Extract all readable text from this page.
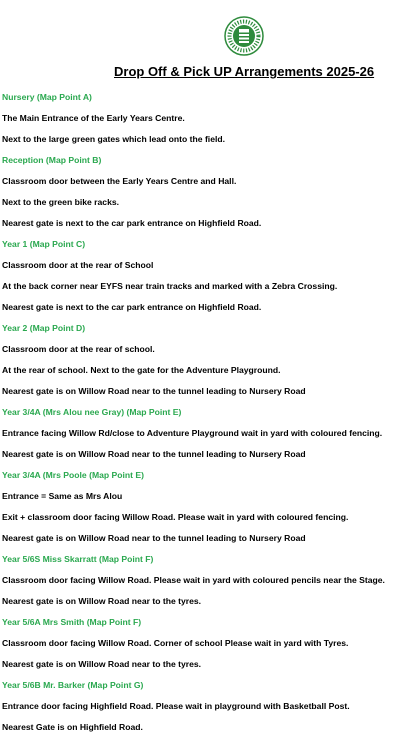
Drop Off & Pick UP Arrangements 2025-26
Nursery (Map Point A)
The Main Entrance of the Early Years Centre.
Next to the large green gates which lead onto the field.
Reception (Map Point B)
Classroom door between the Early Years Centre and Hall.
Next to the green bike racks.
Nearest gate is next to the car park entrance on Highfield Road.
Year 1 (Map Point C)
Classroom door at the rear of School
At the back corner near EYFS near train tracks and marked with a Zebra Crossing.
Nearest gate is next to the car park entrance on Highfield Road.
Year 2 (Map Point D)
Classroom door at the rear of school.
At the rear of school. Next to the gate for the Adventure Playground.
Nearest gate is on Willow Road near to the tunnel leading to Nursery Road
Year 3/4A (Mrs Alou nee Gray) (Map Point E)
Entrance facing Willow Rd/close to Adventure Playground wait in yard with coloured fencing.
Nearest gate is on Willow Road near to the tunnel leading to Nursery Road
Year 3/4A (Mrs Poole (Map Point E)
Entrance = Same as Mrs Alou
Exit + classroom door facing Willow Road. Please wait in yard with coloured fencing.
Nearest gate is on Willow Road near to the tunnel leading to Nursery Road
Year 5/6S Miss Skarratt (Map Point F)
Classroom door facing Willow Road. Please wait in yard with coloured pencils near the Stage.
Nearest gate is on Willow Road near to the tyres.
Year 5/6A Mrs Smith (Map Point F)
Classroom door facing Willow Road. Corner of school Please wait in yard with Tyres.
Nearest gate is on Willow Road near to the tyres.
Year 5/6B Mr. Barker (Map Point G)
Entrance door facing Highfield Road. Please wait in playground with Basketball Post.
Nearest Gate is on Highfield Road.
